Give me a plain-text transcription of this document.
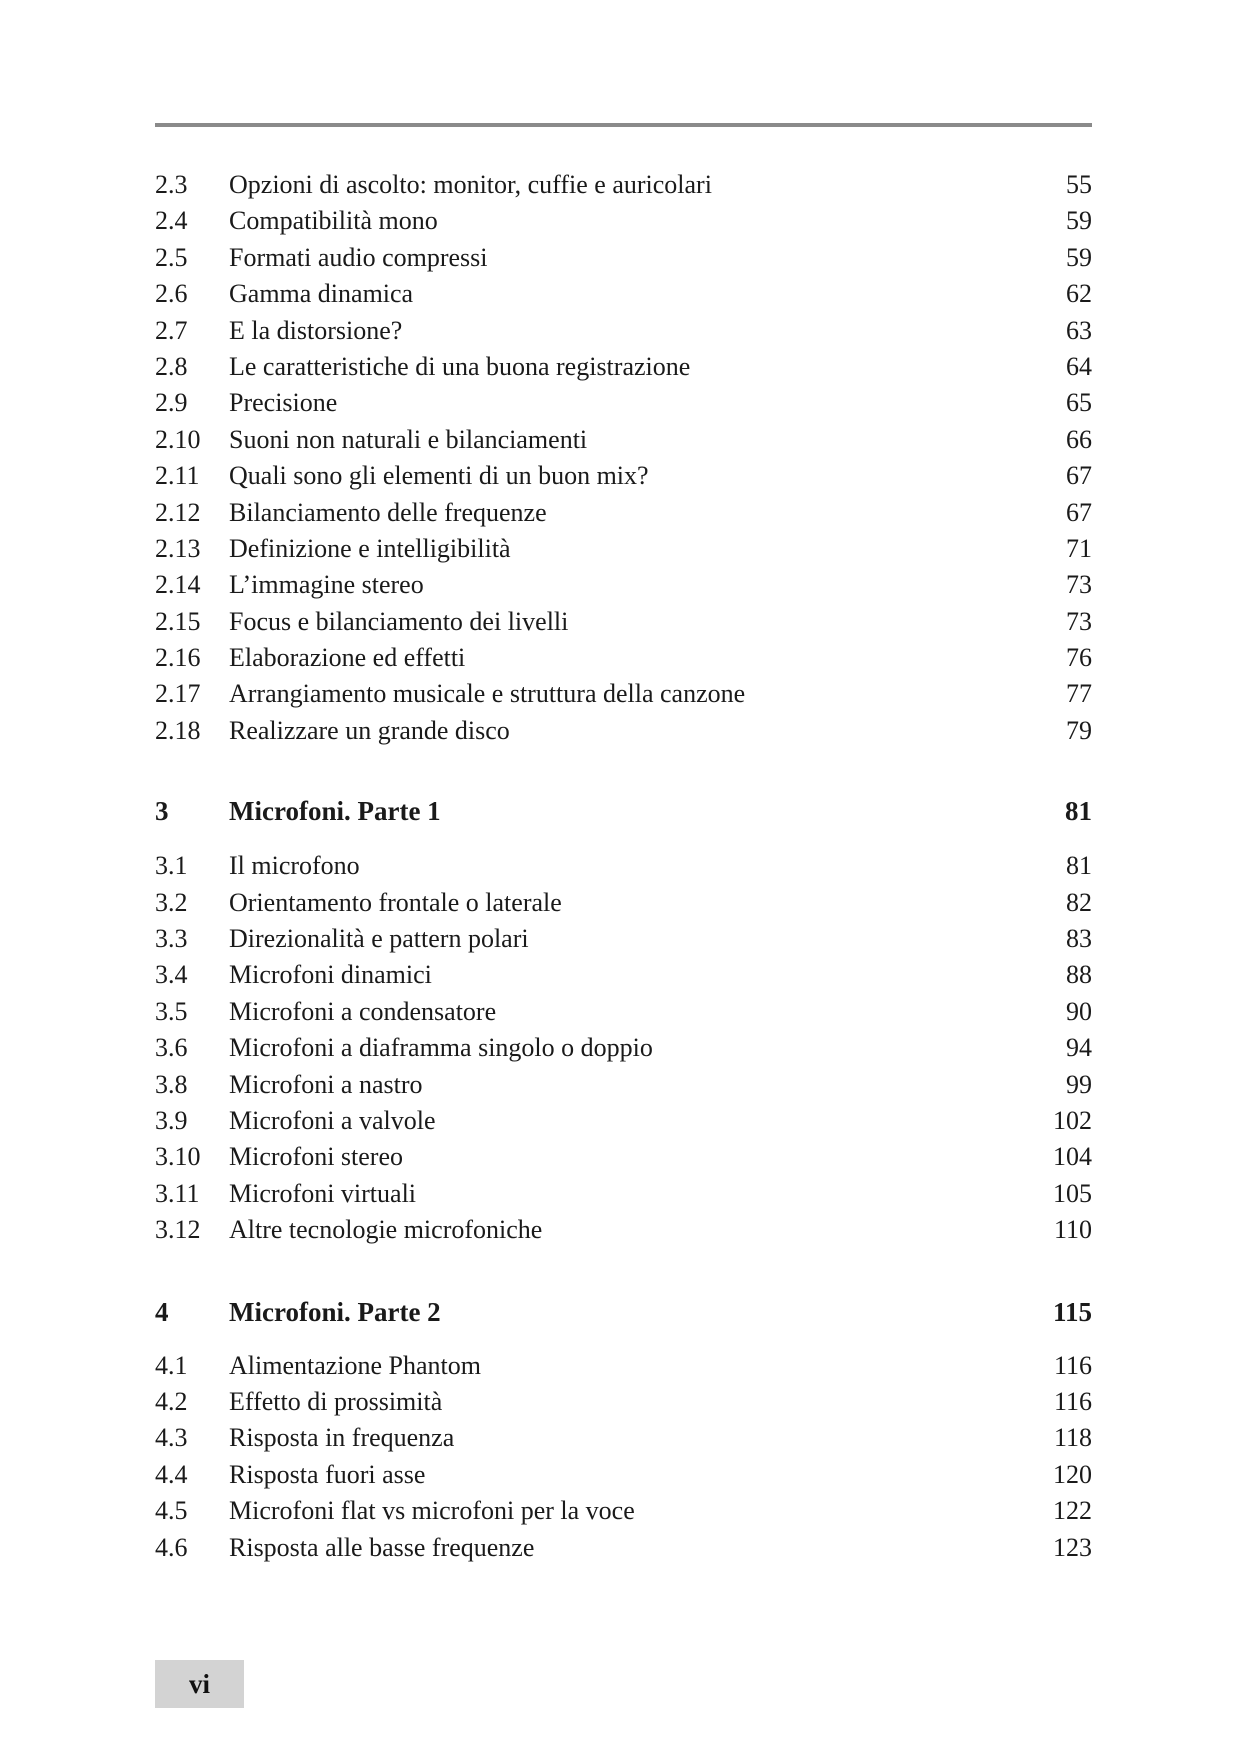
2.3 Opzioni di ascolto: monitor, cuffie e auricolari	55
2.4 Compatibilità mono	59
2.5 Formati audio compressi	59
2.6 Gamma dinamica	62
2.7 E la distorsione?	63
2.8 Le caratteristiche di una buona registrazione	64
2.9 Precisione	65
2.10 Suoni non naturali e bilanciamenti	66
2.11 Quali sono gli elementi di un buon mix?	67
2.12 Bilanciamento delle frequenze	67
2.13 Definizione e intelligibilità	71
2.14 L’immagine stereo	73
2.15 Focus e bilanciamento dei livelli	73
2.16 Elaborazione ed effetti	76
2.17 Arrangiamento musicale e struttura della canzone	77
2.18 Realizzare un grande disco	79
3 Microfoni. Parte 1	81
3.1 Il microfono	81
3.2 Orientamento frontale o laterale	82
3.3 Direzionalità e pattern polari	83
3.4 Microfoni dinamici	88
3.5 Microfoni a condensatore	90
3.6 Microfoni a diaframma singolo o doppio	94
3.8 Microfoni a nastro	99
3.9 Microfoni a valvole	102
3.10 Microfoni stereo	104
3.11 Microfoni virtuali	105
3.12 Altre tecnologie microfoniche	110
4 Microfoni. Parte 2	115
4.1 Alimentazione Phantom	116
4.2 Effetto di prossimità	116
4.3 Risposta in frequenza	118
4.4 Risposta fuori asse	120
4.5 Microfoni flat vs microfoni per la voce	122
4.6 Risposta alle basse frequenze	123
vi
